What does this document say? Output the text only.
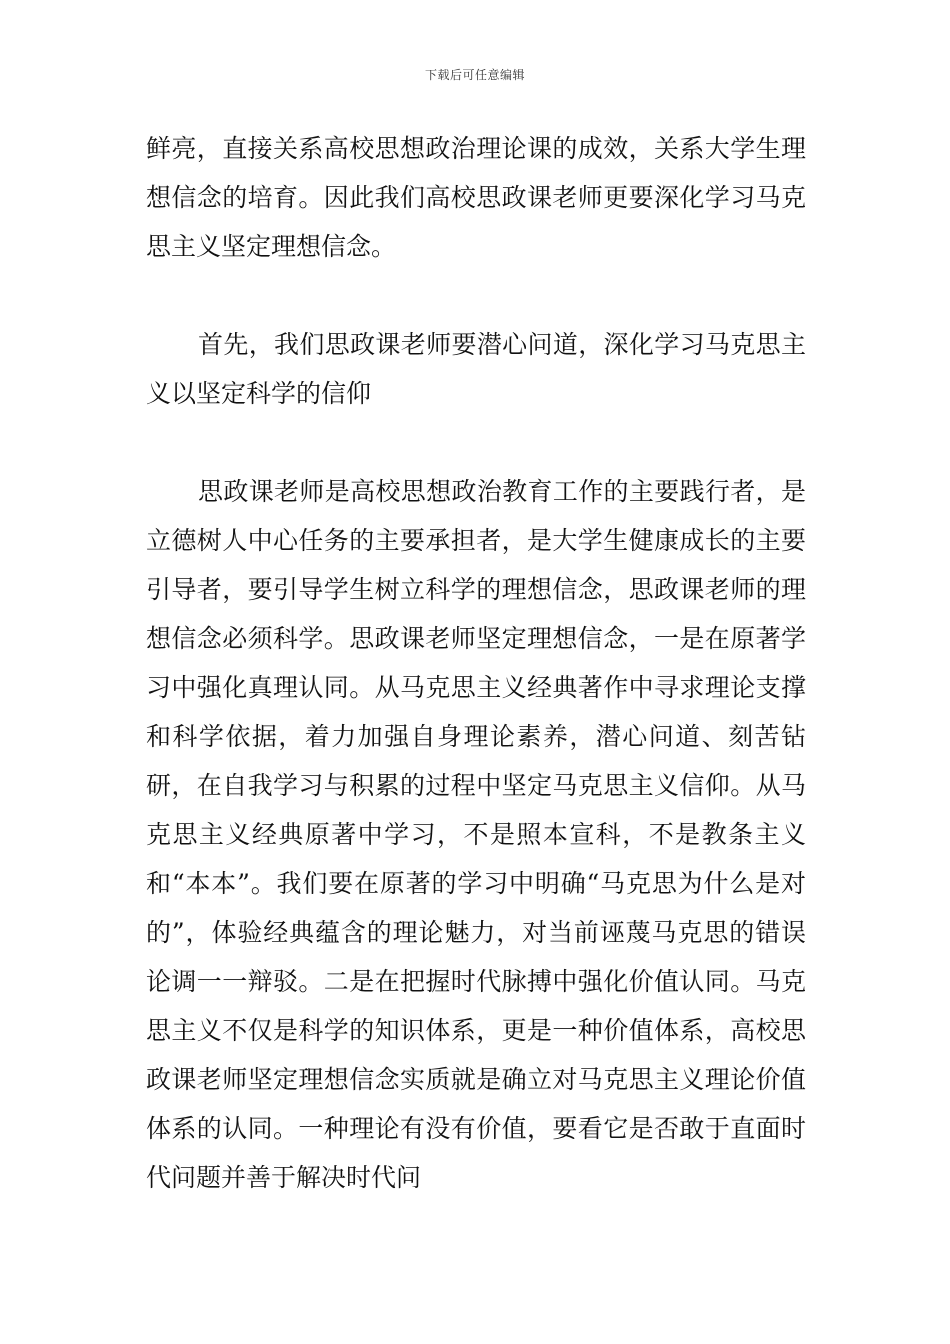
下载后可任意编辑

鲜亮，直接关系高校思想政治理论课的成效，关系大学生理想信念的培育。因此我们高校思政课老师更要深化学习马克思主义坚定理想信念。

首先，我们思政课老师要潜心问道，深化学习马克思主义以坚定科学的信仰

思政课老师是高校思想政治教育工作的主要践行者，是立德树人中心任务的主要承担者，是大学生健康成长的主要引导者，要引导学生树立科学的理想信念，思政课老师的理想信念必须科学。思政课老师坚定理想信念，一是在原著学习中强化真理认同。从马克思主义经典著作中寻求理论支撑和科学依据，着力加强自身理论素养，潜心问道、刻苦钻研，在自我学习与积累的过程中坚定马克思主义信仰。从马克思主义经典原著中学习，不是照本宣科，不是教条主义和“本本”。我们要在原著的学习中明确“马克思为什么是对的”，体验经典蕴含的理论魅力，对当前诬蔑马克思的错误论调一一辩驳。二是在把握时代脉搏中强化价值认同。马克思主义不仅是科学的知识体系，更是一种价值体系，高校思政课老师坚定理想信念实质就是确立对马克思主义理论价值体系的认同。一种理论有没有价值，要看它是否敢于直面时代问题并善于解决时代问
